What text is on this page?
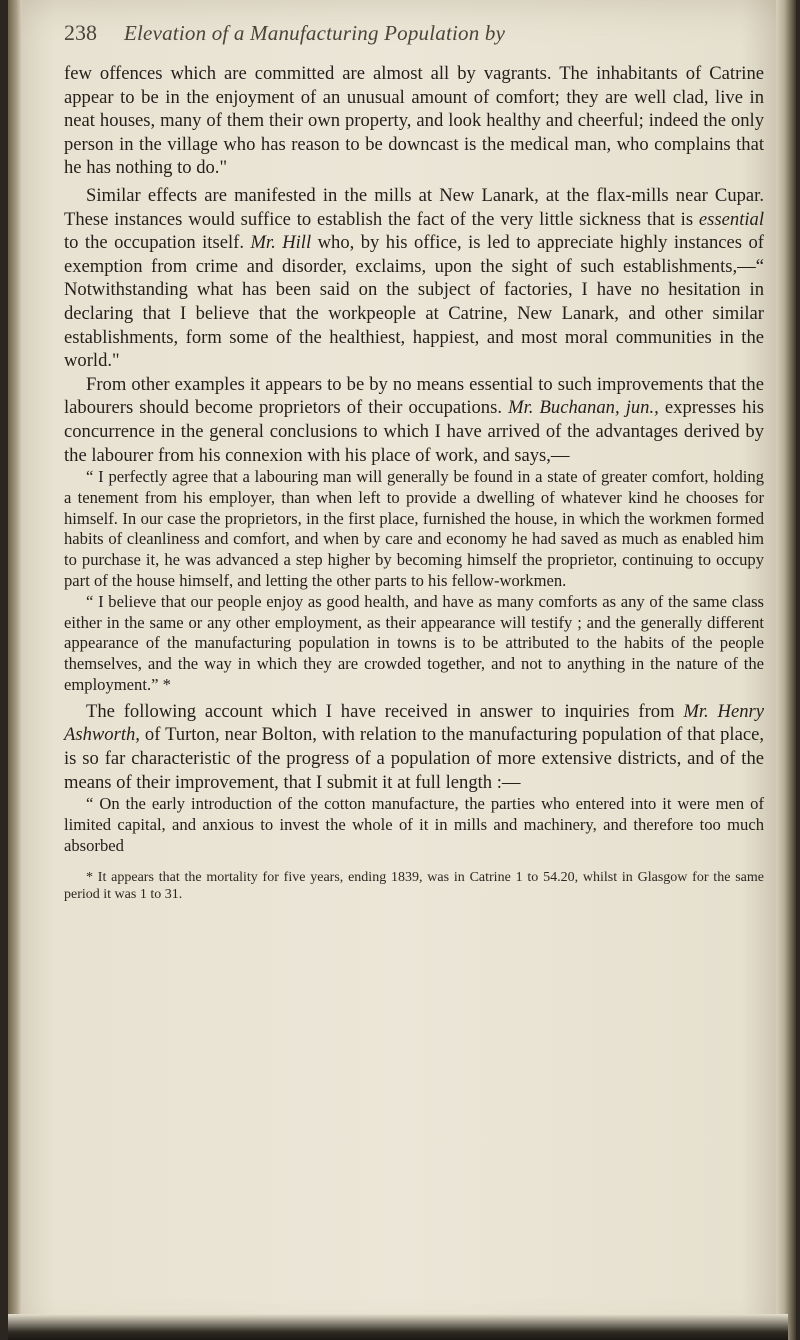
238	Elevation of a Manufacturing Population by

few offences which are committed are almost all by vagrants. The inhabitants of Catrine appear to be in the enjoyment of an unusual amount of comfort; they are well clad, live in neat houses, many of them their own property, and look healthy and cheerful; indeed the only person in the village who has reason to be downcast is the medical man, who complains that he has nothing to do."

Similar effects are manifested in the mills at New Lanark, at the flax-mills near Cupar. These instances would suffice to establish the fact of the very little sickness that is essential to the occupation itself. Mr. Hill who, by his office, is led to appreciate highly instances of exemption from crime and disorder, exclaims, upon the sight of such establishments,—“ Notwithstanding what has been said on the subject of factories, I have no hesitation in declaring that I believe that the workpeople at Catrine, New Lanark, and other similar establishments, form some of the healthiest, happiest, and most moral communities in the world."

From other examples it appears to be by no means essential to such improvements that the labourers should become proprietors of their occupations. Mr. Buchanan, jun., expresses his concurrence in the general conclusions to which I have arrived of the advantages derived by the labourer from his connexion with his place of work, and says,—

“ I perfectly agree that a labouring man will generally be found in a state of greater comfort, holding a tenement from his employer, than when left to provide a dwelling of whatever kind he chooses for himself. In our case the proprietors, in the first place, furnished the house, in which the workmen formed habits of cleanliness and comfort, and when by care and economy he had saved as much as enabled him to purchase it, he was advanced a step higher by becoming himself the proprietor, continuing to occupy part of the house himself, and letting the other parts to his fellow-workmen.

“ I believe that our people enjoy as good health, and have as many comforts as any of the same class either in the same or any other employment, as their appearance will testify ; and the generally different appearance of the manufacturing population in towns is to be attributed to the habits of the people themselves, and the way in which they are crowded together, and not to anything in the nature of the employment.” *

The following account which I have received in answer to inquiries from Mr. Henry Ashworth, of Turton, near Bolton, with relation to the manufacturing population of that place, is so far characteristic of the progress of a population of more extensive districts, and of the means of their improvement, that I submit it at full length :—

“ On the early introduction of the cotton manufacture, the parties who entered into it were men of limited capital, and anxious to invest the whole of it in mills and machinery, and therefore too much absorbed

* It appears that the mortality for five years, ending 1839, was in Catrine 1 to 54.20, whilst in Glasgow for the same period it was 1 to 31.
